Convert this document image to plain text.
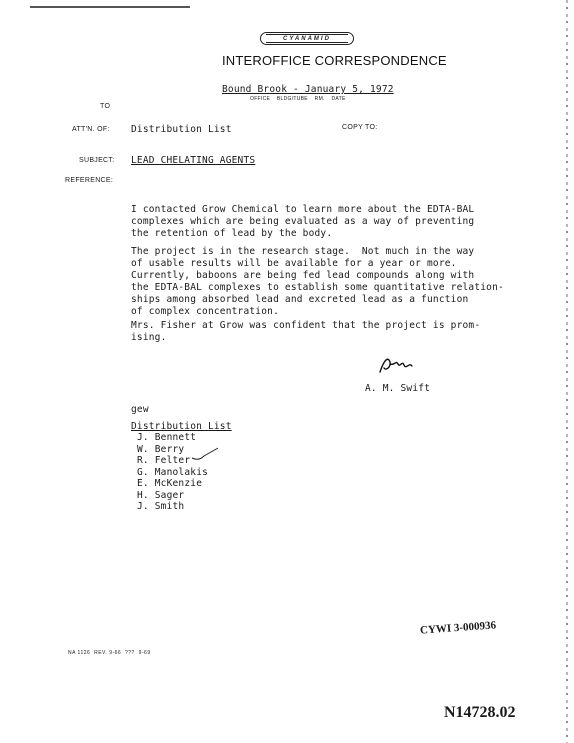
CYANAMID
INTEROFFICE CORRESPONDENCE
Bound Brook - January 5, 1972
OFFICE    BLDG/TUBE    RM.    DATE
TO
ATT'N. OF: Distribution List	COPY TO:
SUBJECT: LEAD CHELATING AGENTS
REFERENCE:
I contacted Grow Chemical to learn more about the EDTA-BAL
complexes which are being evaluated as a way of preventing
the retention of lead by the body.
The project is in the research stage.  Not much in the way
of usable results will be available for a year or more.
Currently, baboons are being fed lead compounds along with
the EDTA-BAL complexes to establish some quantitative relation-
ships among absorbed lead and excreted lead as a function
of complex concentration.
Mrs. Fisher at Grow was confident that the project is prom-
ising.
A. M. Swift
gew
Distribution List
J. Bennett
W. Berry
R. Felter
G. Manolakis
E. McKenzie
H. Sager
J. Smith
NA 1126  REV. 9-66  ???  9-69
CYWI 3-000936
N14728.02
